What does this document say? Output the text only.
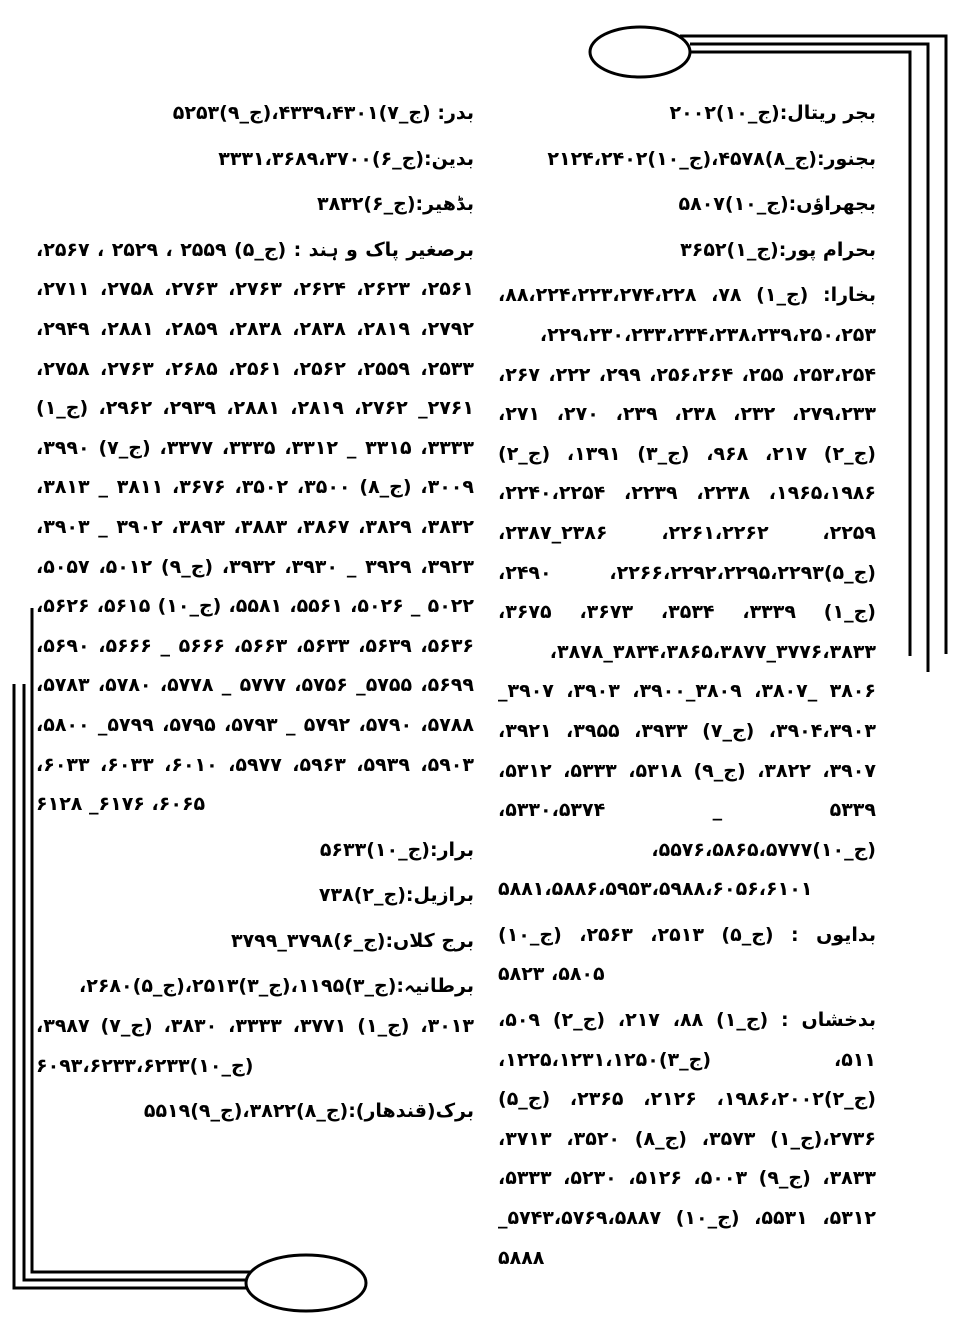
بجر ریتال:(ج_۱۰)۲۰۰۲
بجنور:(ج_۸)۴۵۷۸،(ج_۱۰)۲۱۲۴،۲۴۰۲
بجھراؤں:(ج_۱۰)۵۸۰۷
بحرام پور:(ج_۱)۳۶۵۲
بخارا: (ج_۱) ۷۸، ۸۸،۲۲۴،۲۲۳،۲۷۴،۲۲۸، ۲۲۹،۲۳۰،۲۳۳،۲۳۴،۲۳۸،۲۳۹،۲۵۰،۲۵۳، ۲۵۳،۲۵۴، ۲۵۵، ۲۵۶،۲۶۴، ۲۹۹، ۲۲۲، ۲۶۷، ۲۷۹،۲۳۳، ۲۳۲، ۲۳۸، ۲۳۹، ۲۷۰، ۲۷۱، (ج_۲) ۲۱۷، ۹۶۸، (ج_۳) ۱۳۹۱، (ج_۲) ۱۹۶۵،۱۹۸۶، ۲۲۳۸، ۲۲۳۹، ۲۲۴۰،۲۲۵۴، ۲۲۵۹، ۲۲۶۱،۲۲۶۲، ۲۳۸۶_۲۳۸۷،(ج_۵)۲۲۶۶،۲۲۹۲،۲۲۹۵،۲۲۹۳، ۲۴۹۰، (ج_۱) ۳۳۳۹، ۳۵۳۴، ۳۶۷۳، ۳۶۷۵، ۳۷۷۶،۳۸۳۳_۳۸۳۴،۳۸۶۵،۳۸۷۷_۳۸۷۸، ۳۸۰۶ _۳۸۰۷، ۳۸۰۹_۳۹۰۰، ۳۹۰۳، ۳۹۰۷_ ۳۹۰۴،۳۹۰۳، (ج_۷) ۳۹۳۳، ۳۹۵۵، ۳۹۲۱، ۳۹۰۷، ۳۸۲۲، (ج_۹) ۵۳۱۸، ۵۳۳۳، ۵۳۱۲، ۵۳۳۹ _ ۵۳۳۰،۵۳۷۴، (ج_۱۰)۵۵۷۶،۵۸۶۵،۵۷۷۷، ۵۸۸۱،۵۸۸۶،۵۹۵۳،۵۹۸۸،۶۰۵۶،۶۱۰۱
بدایوں : (ج_۵) ۲۵۱۳، ۲۵۶۳، (ج_۱۰) ۵۸۰۵، ۵۸۲۳
بدخشاں : (ج_۱) ۸۸، ۲۱۷، (ج_۲) ۵۰۹، ۵۱۱، (ج_۳)۱۲۲۵،۱۲۳۱،۱۲۵۰،(ج_۲)۱۹۸۶،۲۰۰۲، ۲۱۲۶، ۲۳۶۵، (ج_۵) ۲۷۳۶،(ج_۱) ۳۵۷۳، (ج_۸) ۳۵۲۰، ۳۷۱۳، ۳۸۳۳، (ج_۹) ۵۰۰۳، ۵۱۲۶، ۵۲۳۰، ۵۳۳۳، ۵۳۱۲، ۵۵۳۱، (ج_۱۰) ۵۷۴۳،۵۷۶۹،۵۸۸۷_ ۵۸۸۸
بدر: (ج_۷)۴۳۳۹،۴۳۰۱،(ج_۹)۵۲۵۳
بدین:(ج_۶)۳۳۳۱،۳۶۸۹،۳۷۰۰
بڈھیر:(ج_۶)۳۸۳۲
برصغیر پاک و ہند : (ج_۵) ۲۵۵۹ ، ۲۵۲۹ ، ۲۵۶۷، ۲۵۶۱، ۲۶۲۳، ۲۶۲۴، ۲۷۶۳، ۲۷۶۳، ۲۷۵۸، ۲۷۱۱، ۲۷۹۲، ۲۸۱۹، ۲۸۳۸، ۲۸۳۸، ۲۸۵۹، ۲۸۸۱، ۲۹۴۹، ۲۵۳۳، ۲۵۵۹، ۲۵۶۲، ۲۵۶۱، ۲۶۸۵، ۲۷۶۳، ۲۷۵۸، ۲۷۶۱_ ۲۷۶۲، ۲۸۱۹، ۲۸۸۱، ۲۹۳۹، ۲۹۶۲، (ج_۱) ۳۳۳۳، ۳۳۱۵ _ ۳۳۱۲، ۳۳۳۵، ۳۳۷۷، (ج_۷) ۳۹۹۰، ۳۰۰۹، (ج_۸) ۳۵۰۰، ۳۵۰۲، ۳۶۷۶، ۳۸۱۱ _ ۳۸۱۳، ۳۸۳۲، ۳۸۲۹، ۳۸۶۷، ۳۸۸۳، ۳۸۹۳، ۳۹۰۲ _ ۳۹۰۳، ۳۹۲۳، ۳۹۲۹ _ ۳۹۳۰، ۳۹۳۲، (ج_۹) ۵۰۱۲، ۵۰۵۷، ۵۰۲۲ _ ۵۰۲۶، ۵۵۶۱، ۵۵۸۱، (ج_۱۰) ۵۶۱۵، ۵۶۲۶، ۵۶۳۶، ۵۶۳۹، ۵۶۳۳، ۵۶۶۳، ۵۶۶۶ _ ۵۶۶۶، ۵۶۹۰، ۵۶۹۹، ۵۷۵۵_ ۵۷۵۶، ۵۷۷۷ _ ۵۷۷۸، ۵۷۸۰، ۵۷۸۳، ۵۷۸۸، ۵۷۹۰، ۵۷۹۲ _ ۵۷۹۳، ۵۷۹۵، ۵۷۹۹_ ۵۸۰۰، ۵۹۰۳، ۵۹۳۹، ۵۹۶۳، ۵۹۷۷، ۶۰۱۰، ۶۰۳۳، ۶۰۳۳، ۶۰۶۵، ۶۱۷۶_ ۶۱۲۸
برار:(ج_۱۰)۵۶۳۳
برازیل:(ج_۲)۷۳۸
برج کلاں:(ج_۶)۳۷۹۸_۳۷۹۹
برطانیہ:(ج_۳)۱۱۹۵،(ج_۳)۲۵۱۳،(ج_۵)۲۶۸۰، ۳۰۱۳، (ج_۱) ۳۷۷۱، ۳۳۳۳، ۳۸۳۰، (ج_۷) ۳۹۸۷،(ج_۱۰)۶۰۹۳،۶۲۳۳،۶۲۳۳
برک(قندھار):(ج_۸)۳۸۲۲،(ج_۹)۵۵۱۹
